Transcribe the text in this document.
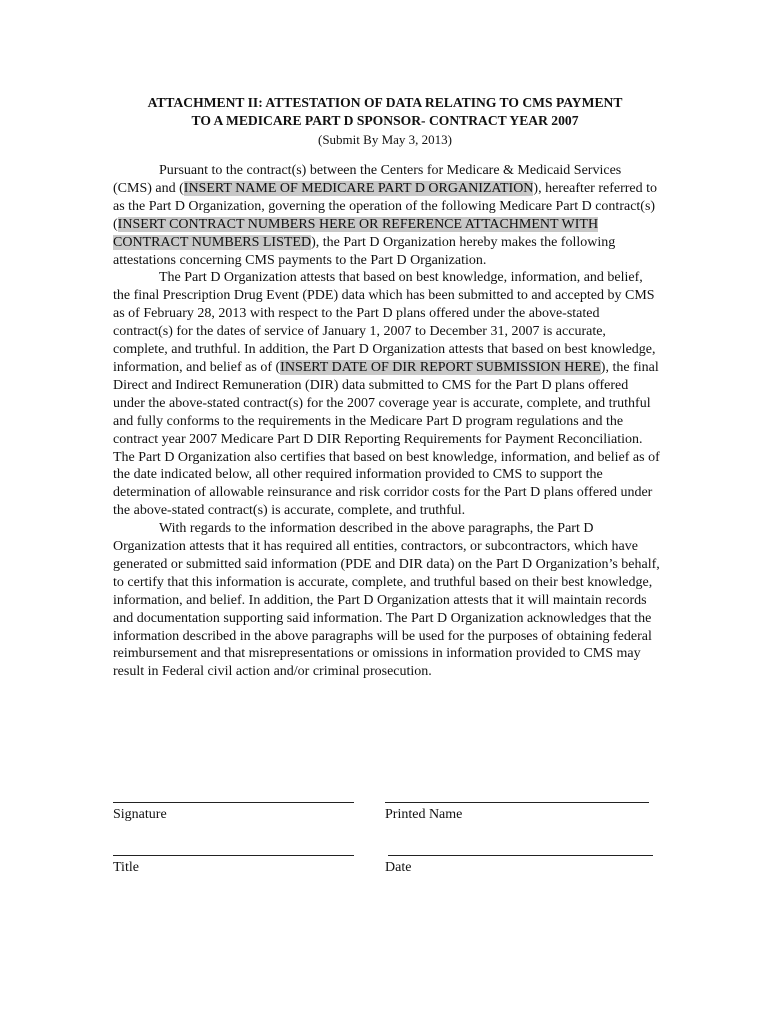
ATTACHMENT II: ATTESTATION OF DATA RELATING TO CMS PAYMENT
TO A MEDICARE PART D SPONSOR- CONTRACT YEAR 2007
(Submit By May 3, 2013)

Pursuant to the contract(s) between the Centers for Medicare & Medicaid Services (CMS) and (INSERT NAME OF MEDICARE PART D ORGANIZATION), hereafter referred to as the Part D Organization, governing the operation of the following Medicare Part D contract(s) (INSERT CONTRACT NUMBERS HERE OR REFERENCE ATTACHMENT WITH CONTRACT NUMBERS LISTED), the Part D Organization hereby makes the following attestations concerning CMS payments to the Part D Organization.

The Part D Organization attests that based on best knowledge, information, and belief, the final Prescription Drug Event (PDE) data which has been submitted to and accepted by CMS as of February 28, 2013 with respect to the Part D plans offered under the above-stated contract(s) for the dates of service of January 1, 2007 to December 31, 2007 is accurate, complete, and truthful. In addition, the Part D Organization attests that based on best knowledge, information, and belief as of (INSERT DATE OF DIR REPORT SUBMISSION HERE), the final Direct and Indirect Remuneration (DIR) data submitted to CMS for the Part D plans offered under the above-stated contract(s) for the 2007 coverage year is accurate, complete, and truthful and fully conforms to the requirements in the Medicare Part D program regulations and the contract year 2007 Medicare Part D DIR Reporting Requirements for Payment Reconciliation. The Part D Organization also certifies that based on best knowledge, information, and belief as of the date indicated below, all other required information provided to CMS to support the determination of allowable reinsurance and risk corridor costs for the Part D plans offered under the above-stated contract(s) is accurate, complete, and truthful.

With regards to the information described in the above paragraphs, the Part D Organization attests that it has required all entities, contractors, or subcontractors, which have generated or submitted said information (PDE and DIR data) on the Part D Organization’s behalf, to certify that this information is accurate, complete, and truthful based on their best knowledge, information, and belief. In addition, the Part D Organization attests that it will maintain records and documentation supporting said information. The Part D Organization acknowledges that the information described in the above paragraphs will be used for the purposes of obtaining federal reimbursement and that misrepresentations or omissions in information provided to CMS may result in Federal civil action and/or criminal prosecution.

Signature	Printed Name
Title	Date
